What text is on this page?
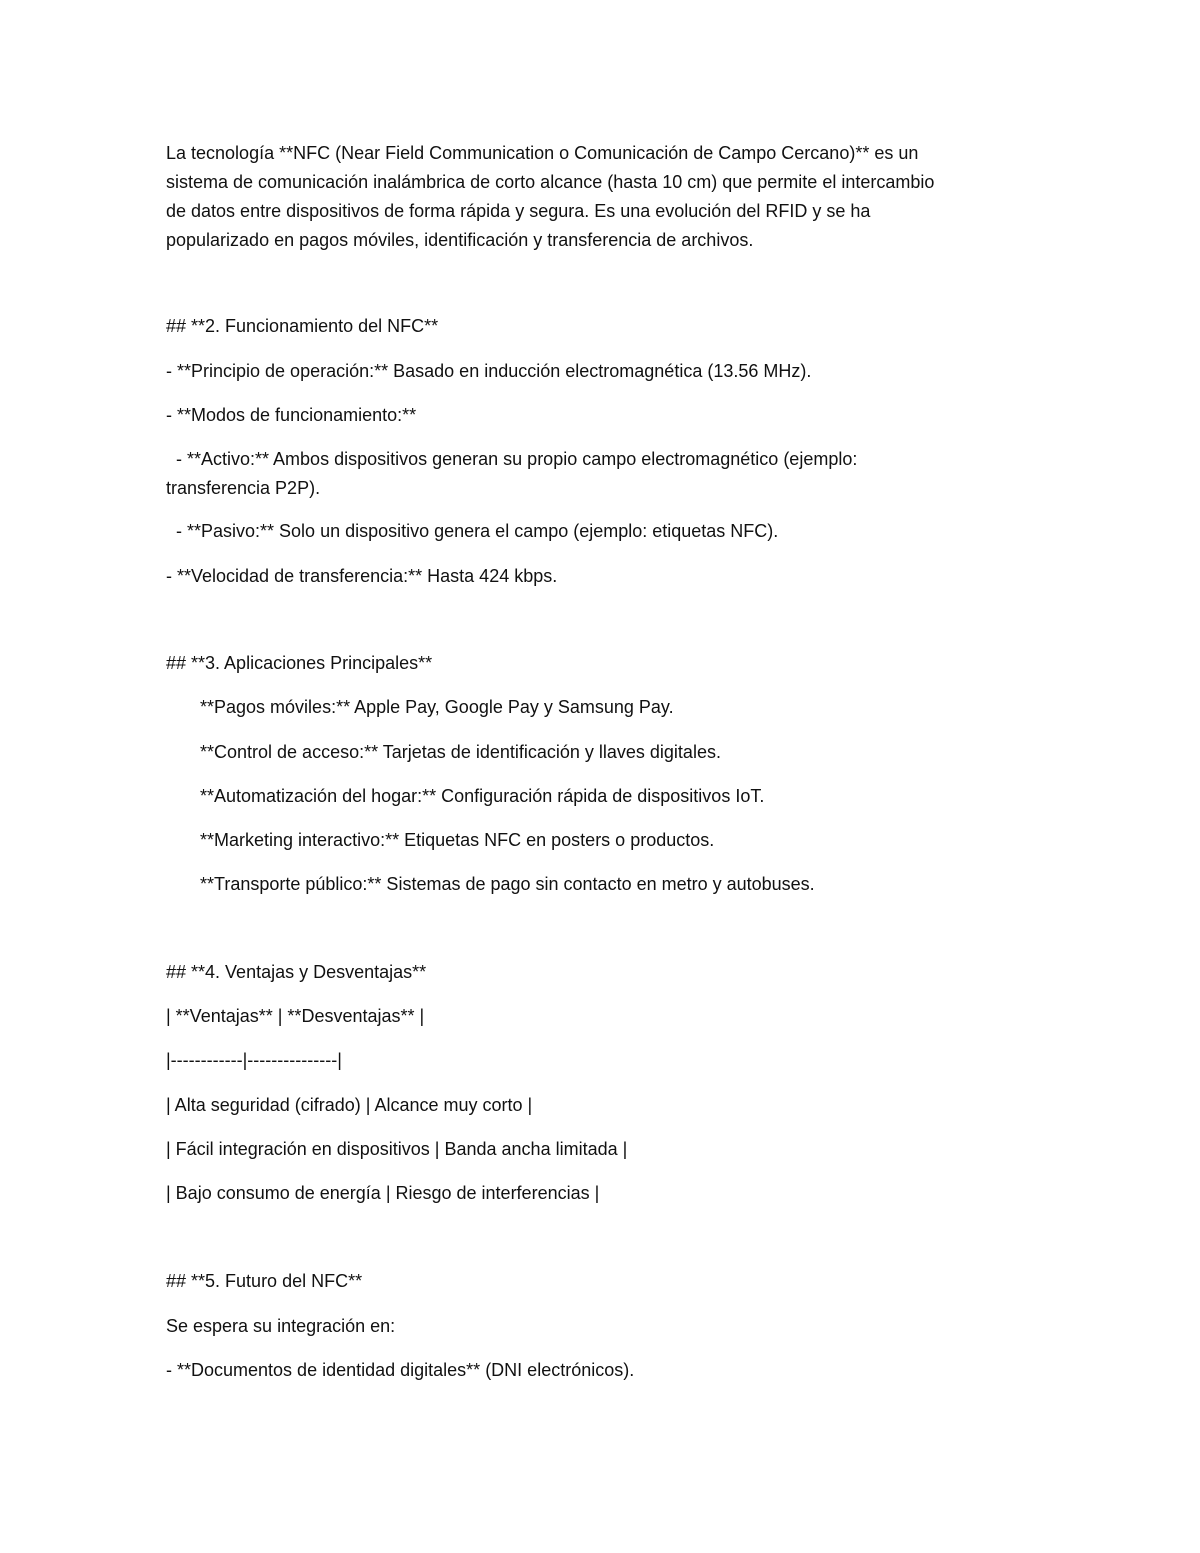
La tecnología **NFC (Near Field Communication o Comunicación de Campo Cercano)** es un
sistema de comunicación inalámbrica de corto alcance (hasta 10 cm) que permite el intercambio
de datos entre dispositivos de forma rápida y segura. Es una evolución del RFID y se ha
popularizado en pagos móviles, identificación y transferencia de archivos.

## **2. Funcionamiento del NFC**

- **Principio de operación:** Basado en inducción electromagnética (13.56 MHz).

- **Modos de funcionamiento:**

- **Activo:** Ambos dispositivos generan su propio campo electromagnético (ejemplo:

transferencia P2P).

- **Pasivo:** Solo un dispositivo genera el campo (ejemplo: etiquetas NFC).

- **Velocidad de transferencia:** Hasta 424 kbps.

## **3. Aplicaciones Principales**

**Pagos móviles:** Apple Pay, Google Pay y Samsung Pay.

**Control de acceso:** Tarjetas de identificación y llaves digitales.

**Automatización del hogar:** Configuración rápida de dispositivos IoT.

**Marketing interactivo:** Etiquetas NFC en posters o productos.

**Transporte público:** Sistemas de pago sin contacto en metro y autobuses.

## **4. Ventajas y Desventajas**

| **Ventajas** | **Desventajas** |

|------------|---------------|

| Alta seguridad (cifrado) | Alcance muy corto |

| Fácil integración en dispositivos | Banda ancha limitada |

| Bajo consumo de energía | Riesgo de interferencias |

## **5. Futuro del NFC**

Se espera su integración en:

- **Documentos de identidad digitales** (DNI electrónicos).
